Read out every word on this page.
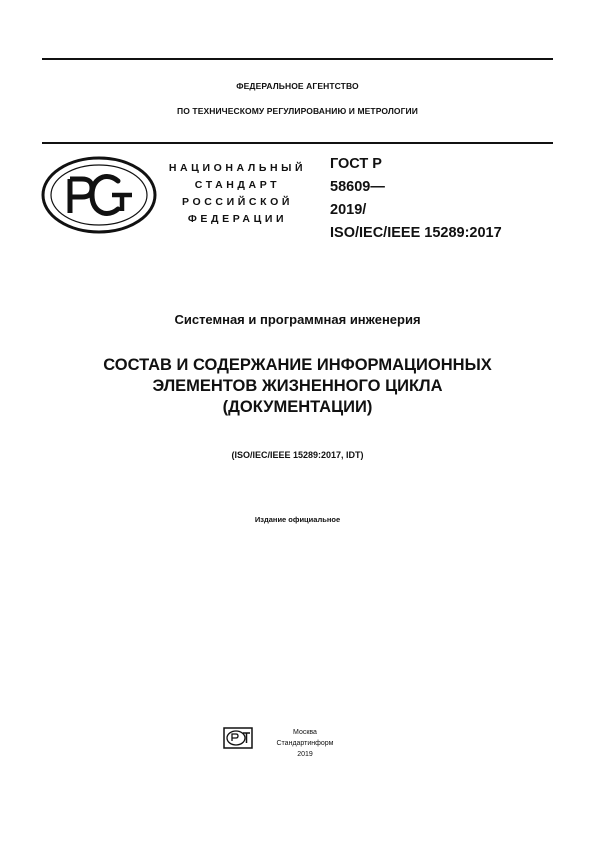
ФЕДЕРАЛЬНОЕ АГЕНТСТВО
ПО ТЕХНИЧЕСКОМУ РЕГУЛИРОВАНИЮ И МЕТРОЛОГИИ
НАЦИОНАЛЬНЫЙ
СТАНДАРТ
РОССИЙСКОЙ
ФЕДЕРАЦИИ
ГОСТ Р
58609—
2019/
ISO/IEC/IEEE 15289:2017
Системная и программная инженерия
СОСТАВ И СОДЕРЖАНИЕ ИНФОРМАЦИОННЫХ
ЭЛЕМЕНТОВ ЖИЗНЕННОГО ЦИКЛА
(ДОКУМЕНТАЦИИ)
(ISO/IEC/IEEE 15289:2017, IDT)
Издание официальное
Москва
Стандартинформ
2019
